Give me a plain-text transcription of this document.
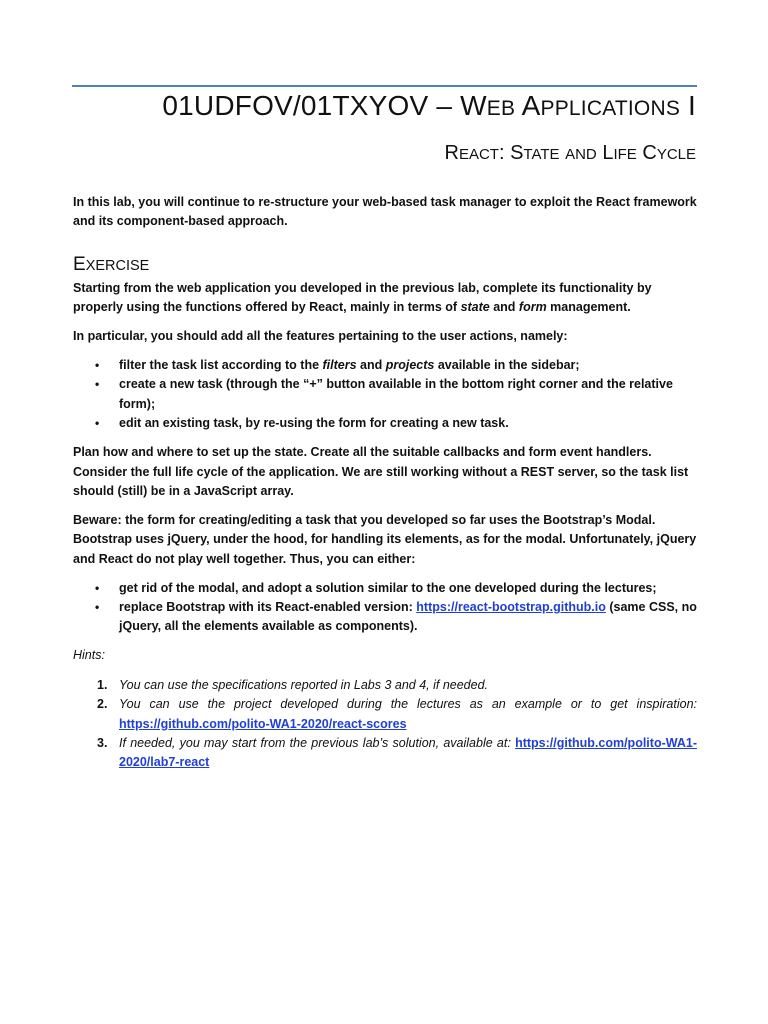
01UDFOV/01TXYOV – WEB APPLICATIONS I
REACT: STATE AND LIFE CYCLE

In this lab, you will continue to re-structure your web-based task manager to exploit the React framework and its component-based approach.

EXERCISE

Starting from the web application you developed in the previous lab, complete its functionality by properly using the functions offered by React, mainly in terms of state and form management.

In particular, you should add all the features pertaining to the user actions, namely:

• filter the task list according to the filters and projects available in the sidebar;
• create a new task (through the “+” button available in the bottom right corner and the relative form);
• edit an existing task, by re-using the form for creating a new task.

Plan how and where to set up the state. Create all the suitable callbacks and form event handlers. Consider the full life cycle of the application. We are still working without a REST server, so the task list should (still) be in a JavaScript array.

Beware: the form for creating/editing a task that you developed so far uses the Bootstrap’s Modal. Bootstrap uses jQuery, under the hood, for handling its elements, as for the modal. Unfortunately, jQuery and React do not play well together. Thus, you can either:

• get rid of the modal, and adopt a solution similar to the one developed during the lectures;
• replace Bootstrap with its React-enabled version: https://react-bootstrap.github.io (same CSS, no jQuery, all the elements available as components).

Hints:

1. You can use the specifications reported in Labs 3 and 4, if needed.
2. You can use the project developed during the lectures as an example or to get inspiration: https://github.com/polito-WA1-2020/react-scores
3. If needed, you may start from the previous lab’s solution, available at: https://github.com/polito-WA1-2020/lab7-react
